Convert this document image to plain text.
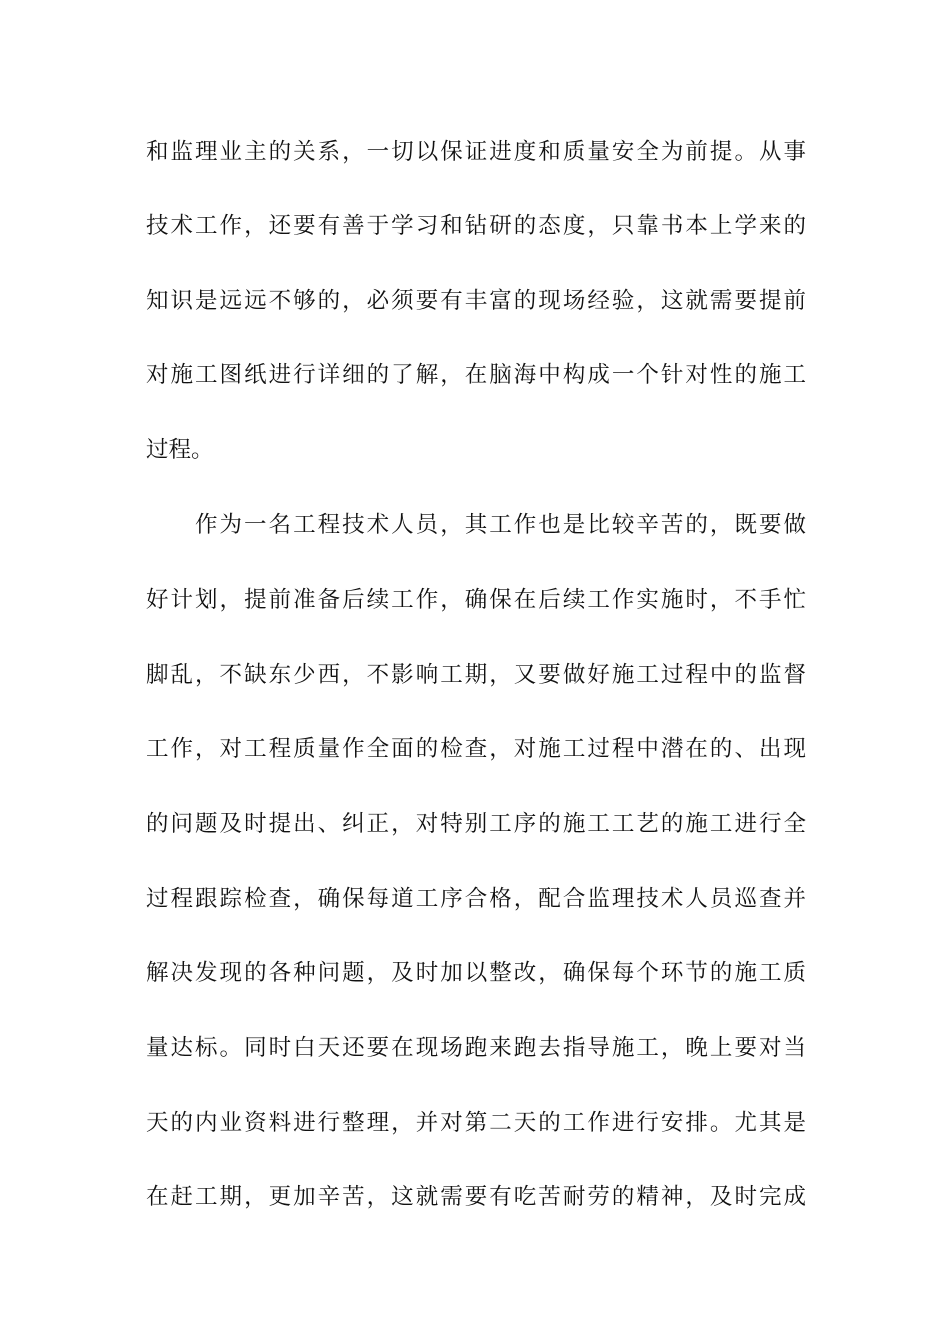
和监理业主的关系，一切以保证进度和质量安全为前提。从事
技术工作，还要有善于学习和钻研的态度，只靠书本上学来的
知识是远远不够的，必须要有丰富的现场经验，这就需要提前
对施工图纸进行详细的了解，在脑海中构成一个针对性的施工
过程。
作为一名工程技术人员，其工作也是比较辛苦的，既要做
好计划，提前准备后续工作，确保在后续工作实施时，不手忙
脚乱，不缺东少西，不影响工期，又要做好施工过程中的监督
工作，对工程质量作全面的检查，对施工过程中潜在的、出现
的问题及时提出、纠正，对特别工序的施工工艺的施工进行全
过程跟踪检查，确保每道工序合格，配合监理技术人员巡查并
解决发现的各种问题，及时加以整改，确保每个环节的施工质
量达标。同时白天还要在现场跑来跑去指导施工，晚上要对当
天的内业资料进行整理，并对第二天的工作进行安排。尤其是
在赶工期，更加辛苦，这就需要有吃苦耐劳的精神，及时完成
